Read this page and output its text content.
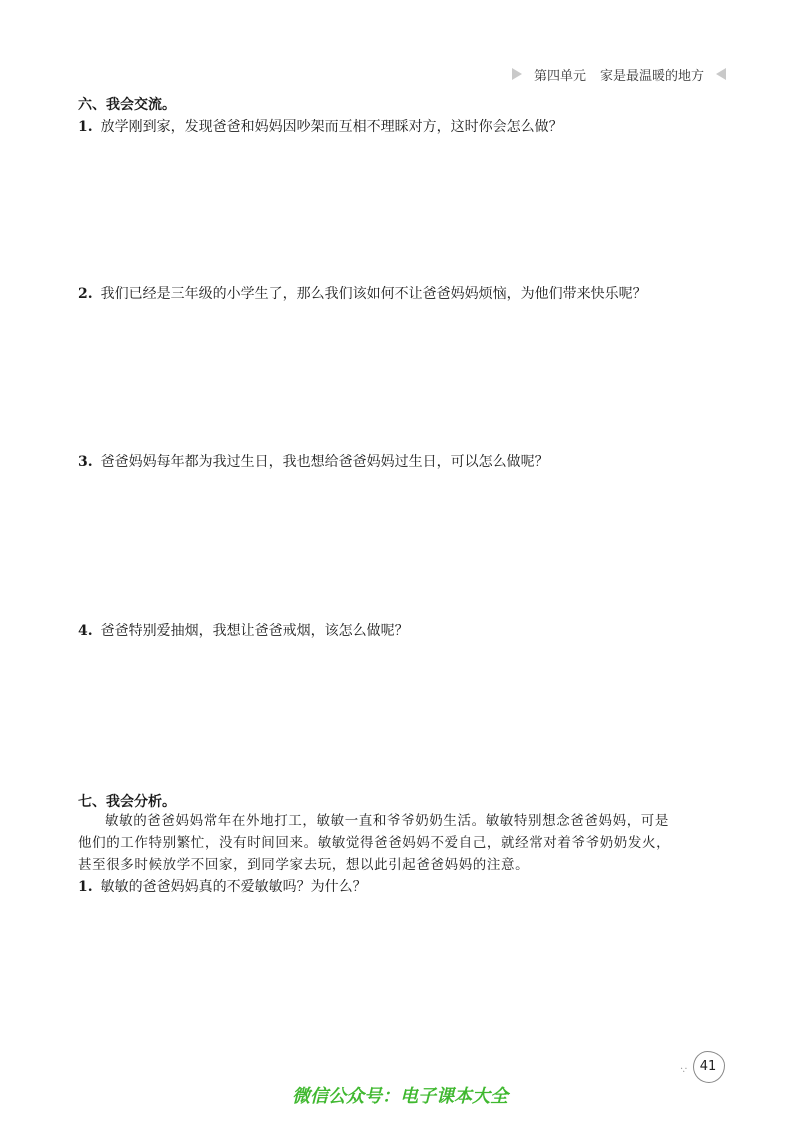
第四单元 家是最温暖的地方
六、我会交流。
1. 放学刚到家，发现爸爸和妈妈因吵架而互相不理睬对方，这时你会怎么做？
2. 我们已经是三年级的小学生了，那么我们该如何不让爸爸妈妈烦恼，为他们带来快乐呢？
3. 爸爸妈妈每年都为我过生日，我也想给爸爸妈妈过生日，可以怎么做呢？
4. 爸爸特别爱抽烟，我想让爸爸戒烟，该怎么做呢？
七、我会分析。

敏敏的爸爸妈妈常年在外地打工，敏敏一直和爷爷奶奶生活。敏敏特别想念爸爸妈妈，可是

他们的工作特别繁忙，没有时间回来。敏敏觉得爸爸妈妈不爱自己，就经常对着爷爷奶奶发火，

甚至很多时候放学不回家，到同学家去玩，想以此引起爸爸妈妈的注意。

1. 敏敏的爸爸妈妈真的不爱敏敏吗？为什么？
·.·	41
微信公众号：电子课本大全
